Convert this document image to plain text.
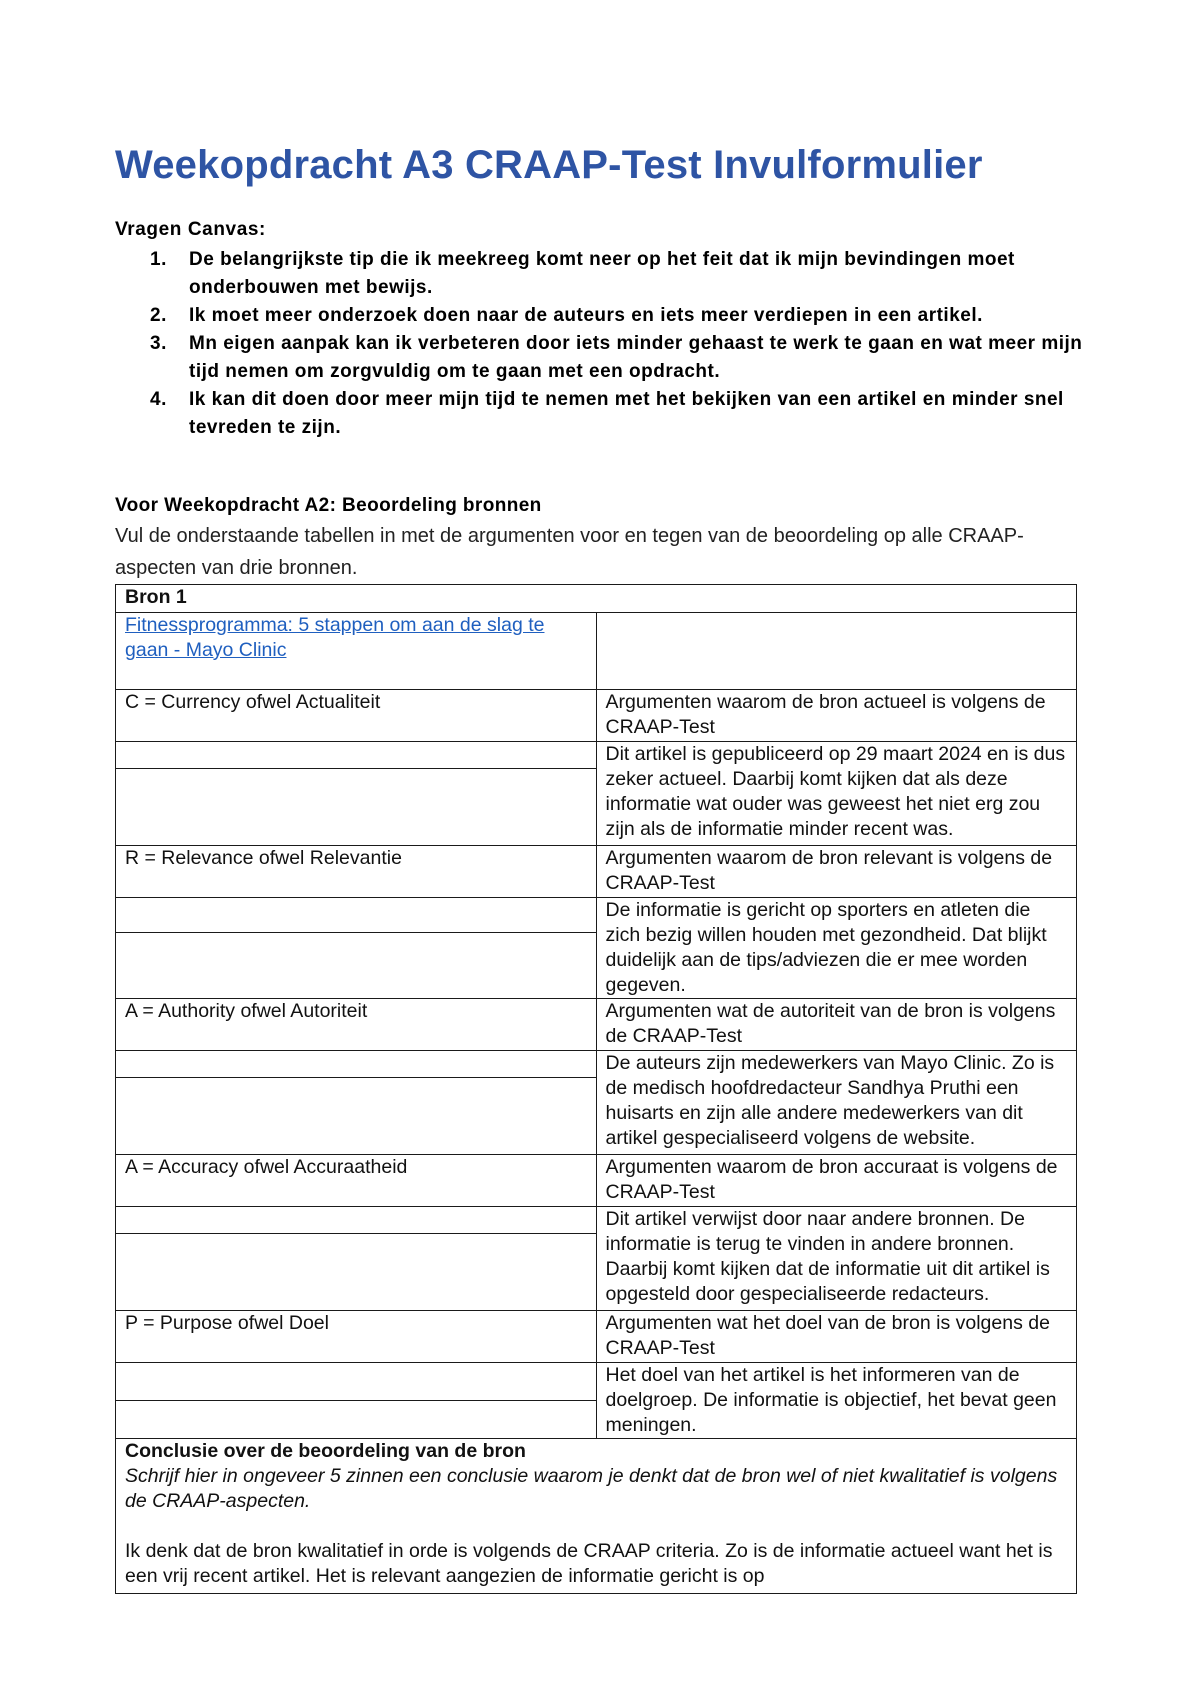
Weekopdracht A3 CRAAP-Test Invulformulier
Vragen Canvas:
1. De belangrijkste tip die ik meekreeg komt neer op het feit dat ik mijn bevindingen moet onderbouwen met bewijs.
2. Ik moet meer onderzoek doen naar de auteurs en iets meer verdiepen in een artikel.
3. Mn eigen aanpak kan ik verbeteren door iets minder gehaast te werk te gaan en wat meer mijn tijd nemen om zorgvuldig om te gaan met een opdracht.
4. Ik kan dit doen door meer mijn tijd te nemen met het bekijken van een artikel en minder snel tevreden te zijn.
Voor Weekopdracht A2: Beoordeling bronnen
Vul de onderstaande tabellen in met de argumenten voor en tegen van de beoordeling op alle CRAAP-aspecten van drie bronnen.
Bron 1	
Fitnessprogramma: 5 stappen om aan de slag te gaan - Mayo Clinic	
C = Currency ofwel Actualiteit	Argumenten waarom de bron actueel is volgens de CRAAP-Test
	Dit artikel is gepubliceerd op 29 maart 2024 en is dus zeker actueel. Daarbij komt kijken dat als deze informatie wat ouder was geweest het niet erg zou zijn als de informatie minder recent was.

R = Relevance ofwel Relevantie	Argumenten waarom de bron relevant is volgens de CRAAP-Test
	De informatie is gericht op sporters en atleten die zich bezig willen houden met gezondheid. Dat blijkt duidelijk aan de tips/adviezen die er mee worden gegeven.

A = Authority ofwel Autoriteit	Argumenten wat de autoriteit van de bron is volgens de CRAAP-Test
	De auteurs zijn medewerkers van Mayo Clinic. Zo is de medisch hoofdredacteur Sandhya Pruthi een huisarts en zijn alle andere medewerkers van dit artikel gespecialiseerd volgens de website.

A = Accuracy ofwel Accuraatheid	Argumenten waarom de bron accuraat is volgens de CRAAP-Test
	Dit artikel verwijst door naar andere bronnen. De informatie is terug te vinden in andere bronnen. Daarbij komt kijken dat de informatie uit dit artikel is opgesteld door gespecialiseerde redacteurs.

P = Purpose ofwel Doel	Argumenten wat het doel van de bron is volgens de CRAAP-Test
	Het doel van het artikel is het informeren van de doelgroep. De informatie is objectief, het bevat geen meningen.

Conclusie over de beoordeling van de bron
Schrijf hier in ongeveer 5 zinnen een conclusie waarom je denkt dat de bron wel of niet kwalitatief is volgens de CRAAP-aspecten.
Ik denk dat de bron kwalitatief in orde is volgends de CRAAP criteria. Zo is de informatie actueel want het is een vrij recent artikel. Het is relevant aangezien de informatie gericht is op	
